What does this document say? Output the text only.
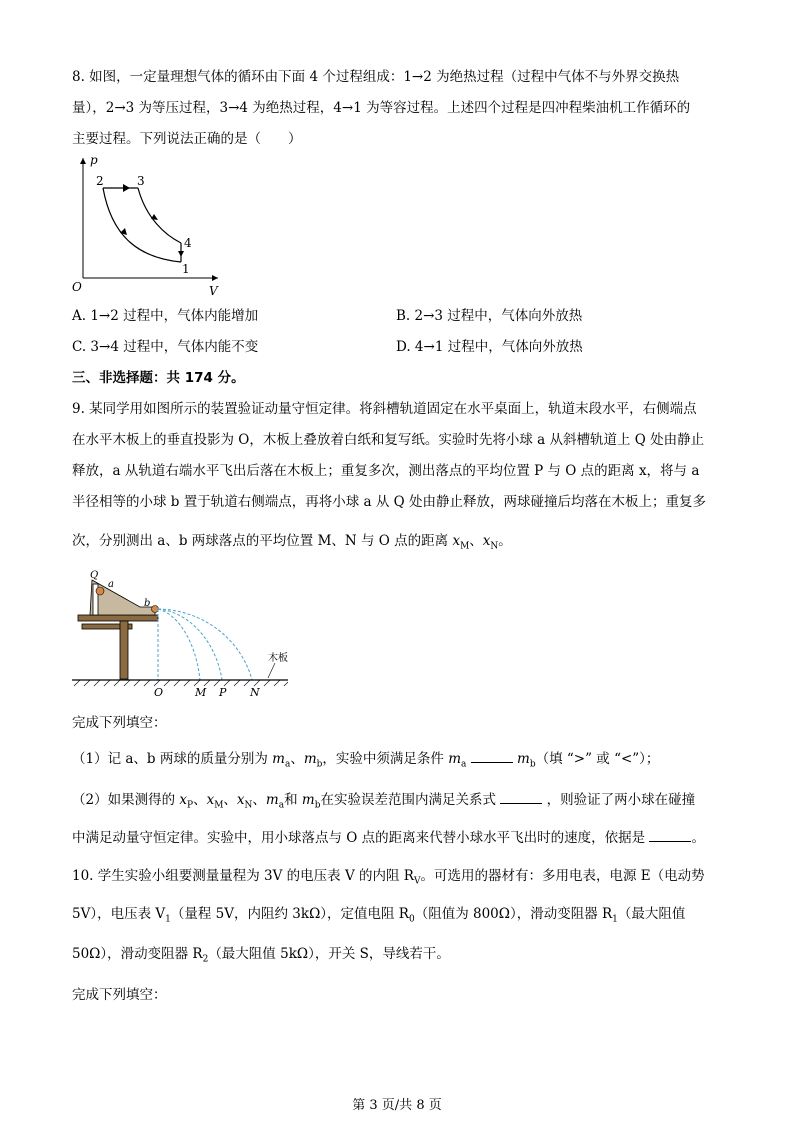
8. 如图，一定量理想气体的循环由下面 4 个过程组成：1→2 为绝热过程（过程中气体不与外界交换热
量），2→3 为等压过程，3→4 为绝热过程，4→1 为等容过程。上述四个过程是四冲程柴油机工作循环的
主要过程。下列说法正确的是（　　）
p
V
O
2	3
4
1
A. 1→2 过程中，气体内能增加	B. 2→3 过程中，气体向外放热
C. 3→4 过程中，气体内能不变	D. 4→1 过程中，气体向外放热
三、非选择题：共 174 分。
9. 某同学用如图所示的装置验证动量守恒定律。将斜槽轨道固定在水平桌面上，轨道末段水平，右侧端点
在水平木板上的垂直投影为 O，木板上叠放着白纸和复写纸。实验时先将小球 a 从斜槽轨道上 Q 处由静止
释放，a 从轨道右端水平飞出后落在木板上；重复多次，测出落点的平均位置 P 与 O 点的距离 x，将与 a
半径相等的小球 b 置于轨道右侧端点，再将小球 a 从 Q 处由静止释放，两球碰撞后均落在木板上；重复多
次，分别测出 a、b 两球落点的平均位置 M、N 与 O 点的距离 $x_M$、$x_N$。
Q
a
b
木板
O	M P N
完成下列填空：
（1）记 a、b 两球的质量分别为 $m_a$、$m_b$，实验中须满足条件 $m_a$	$m_b$（填 “>” 或 “<”）；
（2）如果测得的 $x_P$、$x_M$、$x_N$、$m_a$和 $m_b$在实验误差范围内满足关系式	，则验证了两小球在碰撞
中满足动量守恒定律。实验中，用小球落点与 O 点的距离来代替小球水平飞出时的速度，依据是	。
10. 学生实验小组要测量量程为 3V 的电压表 V 的内阻 $R_V$。可选用的器材有：多用电表，电源 E（电动势
5V），电压表 $V_1$（量程 5V，内阻约 3kΩ），定值电阻 $R_0$（阻值为 800Ω），滑动变阻器 $R_1$（最大阻值
50Ω），滑动变阻器 $R_2$（最大阻值 5kΩ），开关 S，导线若干。
完成下列填空：
第 3 页/共 8 页
